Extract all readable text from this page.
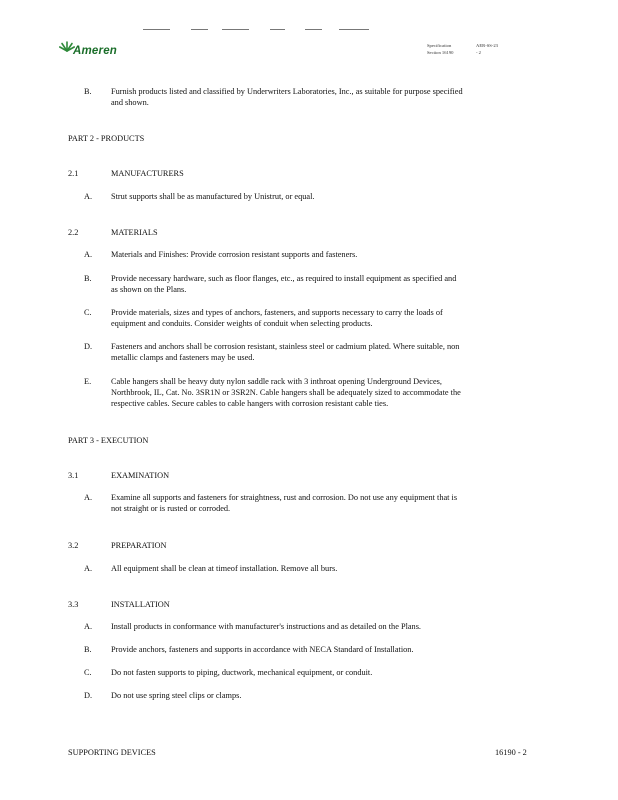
Ameren	Specification	AER-SS-23
Section 16190	- 2
B. Furnish products listed and classified by Underwriters Laboratories, Inc., as suitable for purpose specified
and shown.
PART 2 - PRODUCTS
2.1	MANUFACTURERS
A. Strut supports shall be as manufactured by Unistrut, or equal.
2.2	MATERIALS
A. Materials and Finishes: Provide corrosion resistant supports and fasteners.
B. Provide necessary hardware, such as floor flanges, etc., as required to install equipment as specified and
as shown on the Plans.
C. Provide materials, sizes and types of anchors, fasteners, and supports necessary to carry the loads of
equipment and conduits. Consider weights of conduit when selecting products.
D. Fasteners and anchors shall be corrosion resistant, stainless steel or cadmium plated. Where suitable, non
metallic clamps and fasteners may be used.
E. Cable hangers shall be heavy duty nylon saddle rack with 3 inthroat opening Underground Devices,
Northbrook, IL, Cat. No. 3SR1N or 3SR2N. Cable hangers shall be adequately sized to accommodate the
respective cables. Secure cables to cable hangers with corrosion resistant cable ties.
PART 3 - EXECUTION
3.1	EXAMINATION
A. Examine all supports and fasteners for straightness, rust and corrosion. Do not use any equipment that is
not straight or is rusted or corroded.
3.2	PREPARATION
A. All equipment shall be clean at timeof installation. Remove all burs.
3.3	INSTALLATION
A. Install products in conformance with manufacturer's instructions and as detailed on the Plans.
B. Provide anchors, fasteners and supports in accordance with NECA Standard of Installation.
C. Do not fasten supports to piping, ductwork, mechanical equipment, or conduit.
D. Do not use spring steel clips or clamps.
SUPPORTING DEVICES	16190 - 2
